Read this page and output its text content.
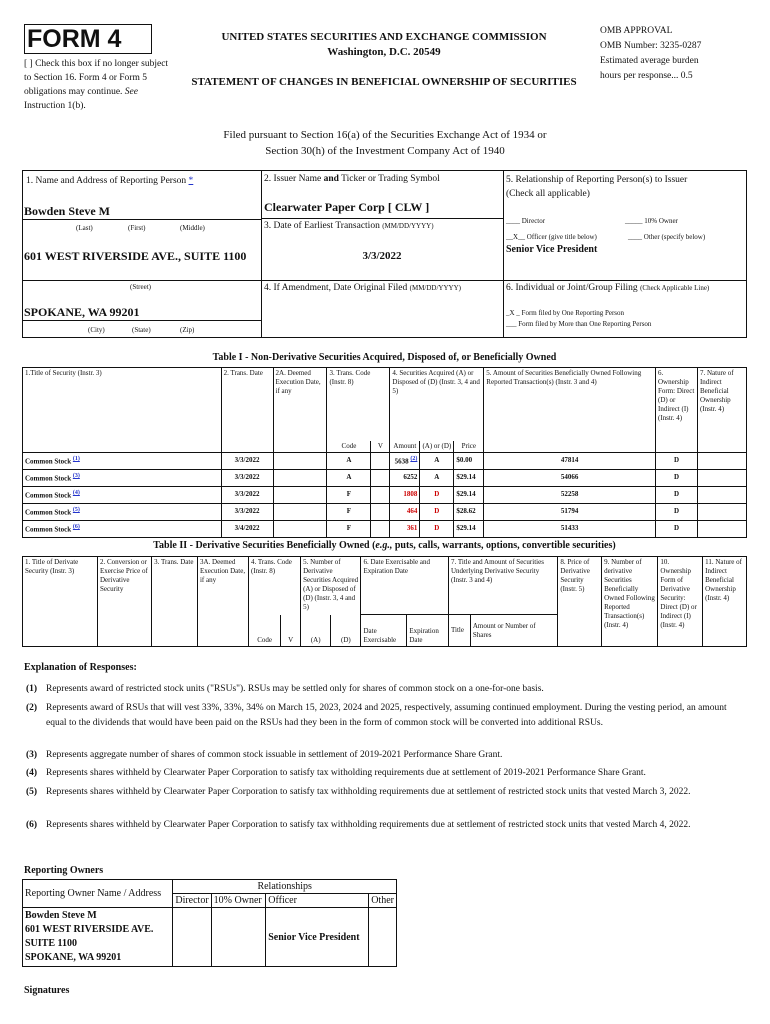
FORM 4
[ ] Check this box if no longer subject to Section 16. Form 4 or Form 5 obligations may continue. See Instruction 1(b).
UNITED STATES SECURITIES AND EXCHANGE COMMISSION
Washington, D.C. 20549
STATEMENT OF CHANGES IN BENEFICIAL OWNERSHIP OF SECURITIES
OMB APPROVAL
OMB Number: 3235-0287
Estimated average burden
hours per response... 0.5
Filed pursuant to Section 16(a) of the Securities Exchange Act of 1934 or
Section 30(h) of the Investment Company Act of 1940
1. Name and Address of Reporting Person *
Bowden Steve M
(Last)	(First)	(Middle)
601 WEST RIVERSIDE AVE., SUITE 1100
(Street)
SPOKANE, WA 99201
(City)	(State)	(Zip)
2. Issuer Name and Ticker or Trading Symbol
Clearwater Paper Corp [ CLW ]
3. Date of Earliest Transaction (MM/DD/YYYY)
3/3/2022
4. If Amendment, Date Original Filed (MM/DD/YYYY)
5. Relationship of Reporting Person(s) to Issuer
(Check all applicable)
____ Director	_____ 10% Owner
__X__ Officer (give title below)	____ Other (specify below)
Senior Vice President
6. Individual or Joint/Group Filing (Check Applicable Line)
_X _ Form filed by One Reporting Person
___ Form filed by More than One Reporting Person
Table I - Non-Derivative Securities Acquired, Disposed of, or Beneficially Owned
1.Title of Security (Instr. 3)	2. Trans. Date	2A. Deemed Execution Date, if any	3. Trans. Code (Instr. 8)		4. Securities Acquired (A) or Disposed of (D) (Instr. 3, 4 and 5)			5. Amount of Securities Beneficially Owned Following Reported Transaction(s) (Instr. 3 and 4)	6. Ownership Form: Direct (D) or Indirect (I) (Instr. 4)	7. Nature of Indirect Beneficial Ownership (Instr. 4)
			Code	V	Amount	(A) or (D)	Price			
Common Stock (1)	3/3/2022		A		5638 (2)	A	$0.00	47814	D	
Common Stock (3)	3/3/2022		A		6252	A	$29.14	54066	D	
Common Stock (4)	3/3/2022		F		1808	D	$29.14	52258	D	
Common Stock (5)	3/3/2022		F		464	D	$28.62	51794	D	
Common Stock (6)	3/4/2022		F		361	D	$29.14	51433	D	
Table II - Derivative Securities Beneficially Owned (e.g., puts, calls, warrants, options, convertible securities)
1. Title of Derivate Security (Instr. 3)	2. Conversion or Exercise Price of Derivative Security	3. Trans. Date	3A. Deemed Execution Date, if any	4. Trans. Code (Instr. 8)		5. Number of Derivative Securities Acquired (A) or Disposed of (D) (Instr. 3, 4 and 5)		6. Date Exercisable and Expiration Date		7. Title and Amount of Securities Underlying Derivative Security (Instr. 3 and 4)		8. Price of Derivative Security (Instr. 5)	9. Number of derivative Securities Beneficially Owned Following Reported Transaction(s) (Instr. 4)	10. Ownership Form of Derivative Security: Direct (D) or Indirect (I) (Instr. 4)	11. Nature of Indirect Beneficial Ownership (Instr. 4)
				Code	V	(A)	(D)	Date Exercisable	Expiration Date	Title	Amount or Number of Shares				
Explanation of Responses:
(1) Represents award of restricted stock units ("RSUs"). RSUs may be settled only for shares of common stock on a one-for-one basis.
(2) Represents award of RSUs that will vest 33%, 33%, 34% on March 15, 2023, 2024 and 2025, respectively, assuming continued employment. During the vesting period, an amount equal to the dividends that would have been paid on the RSUs had they been in the form of common stock will be converted into additional RSUs.
(3) Represents aggregate number of shares of common stock issuable in settlement of 2019-2021 Performance Share Grant.
(4) Represents shares withheld by Clearwater Paper Corporation to satisfy tax witholding requirements due at settlement of 2019-2021 Performance Share Grant.
(5) Represents shares withheld by Clearwater Paper Corporation to satisfy tax withholding requirements due at settlement of restricted stock units that vested March 3, 2022.
(6) Represents shares withheld by Clearwater Paper Corporation to satisfy tax withholding requirements due at settlement of restricted stock units that vested March 4, 2022.
Reporting Owners
Reporting Owner Name / Address	Relationships			
	Director	10% Owner	Officer	Other

Bowden Steve M
601 WEST RIVERSIDE AVE.
SUITE 1100
SPOKANE, WA 99201			Senior Vice President	
Signatures
